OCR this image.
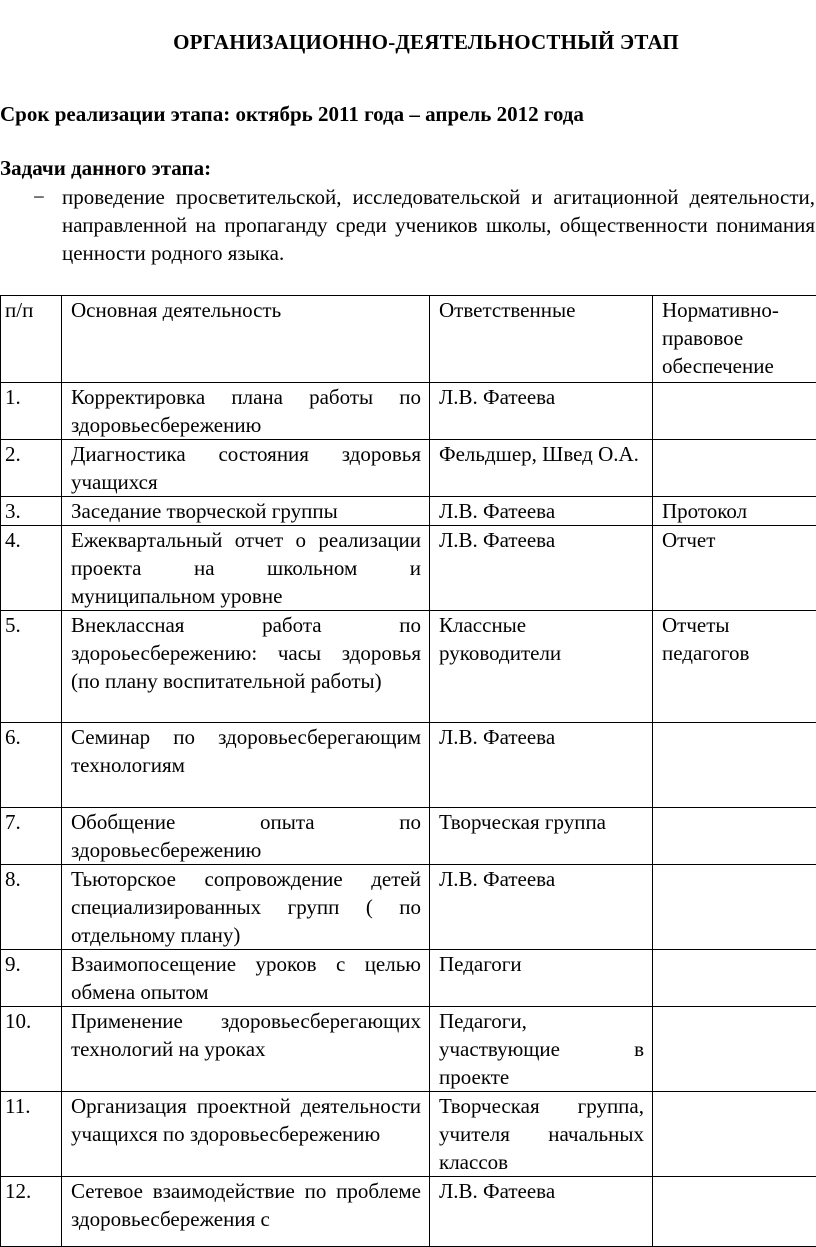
ОРГАНИЗАЦИОННО-ДЕЯТЕЛЬНОСТНЫЙ ЭТАП
Срок реализации этапа: октябрь 2011 года – апрель 2012 года
Задачи данного этапа:
− проведение просветительской, исследовательской и агитационной деятельности, направленной на пропаганду среди учеников школы, общественности понимания ценности родного языка.
п/п	Основная деятельность	Ответственные	Нормативно-правовое обеспечение
1.	Корректировка плана работы по здоровьесбережению	Л.В. Фатеева	
2.	Диагностика состояния здоровья учащихся	Фельдшер, Швед О.А.	
3.	Заседание творческой группы	Л.В. Фатеева	Протокол
4.	Ежеквартальный отчет о реализации проекта на школьном и муниципальном уровне	Л.В. Фатеева	Отчет
5.	Внеклассная работа по здороьесбережению: часы здоровья (по плану воспитательной работы)	Классные руководители	Отчеты педагогов
6.	Семинар по здоровьесберегающим технологиям	Л.В. Фатеева	
7.	Обобщение опыта по здоровьесбережению	Творческая группа	
8.	Тьюторское сопровождение детей специализированных групп ( по отдельному плану)	Л.В. Фатеева	
9.	Взаимопосещение уроков с целью обмена опытом	Педагоги	
10.	Применение здоровьесберегающих технологий на уроках	Педагоги, участвующие в проекте	
11.	Организация проектной деятельности учащихся по здоровьесбережению	Творческая группа, учителя начальных классов	
12.	Сетевое взаимодействие по проблеме здоровьесбережения с	Л.В. Фатеева	
